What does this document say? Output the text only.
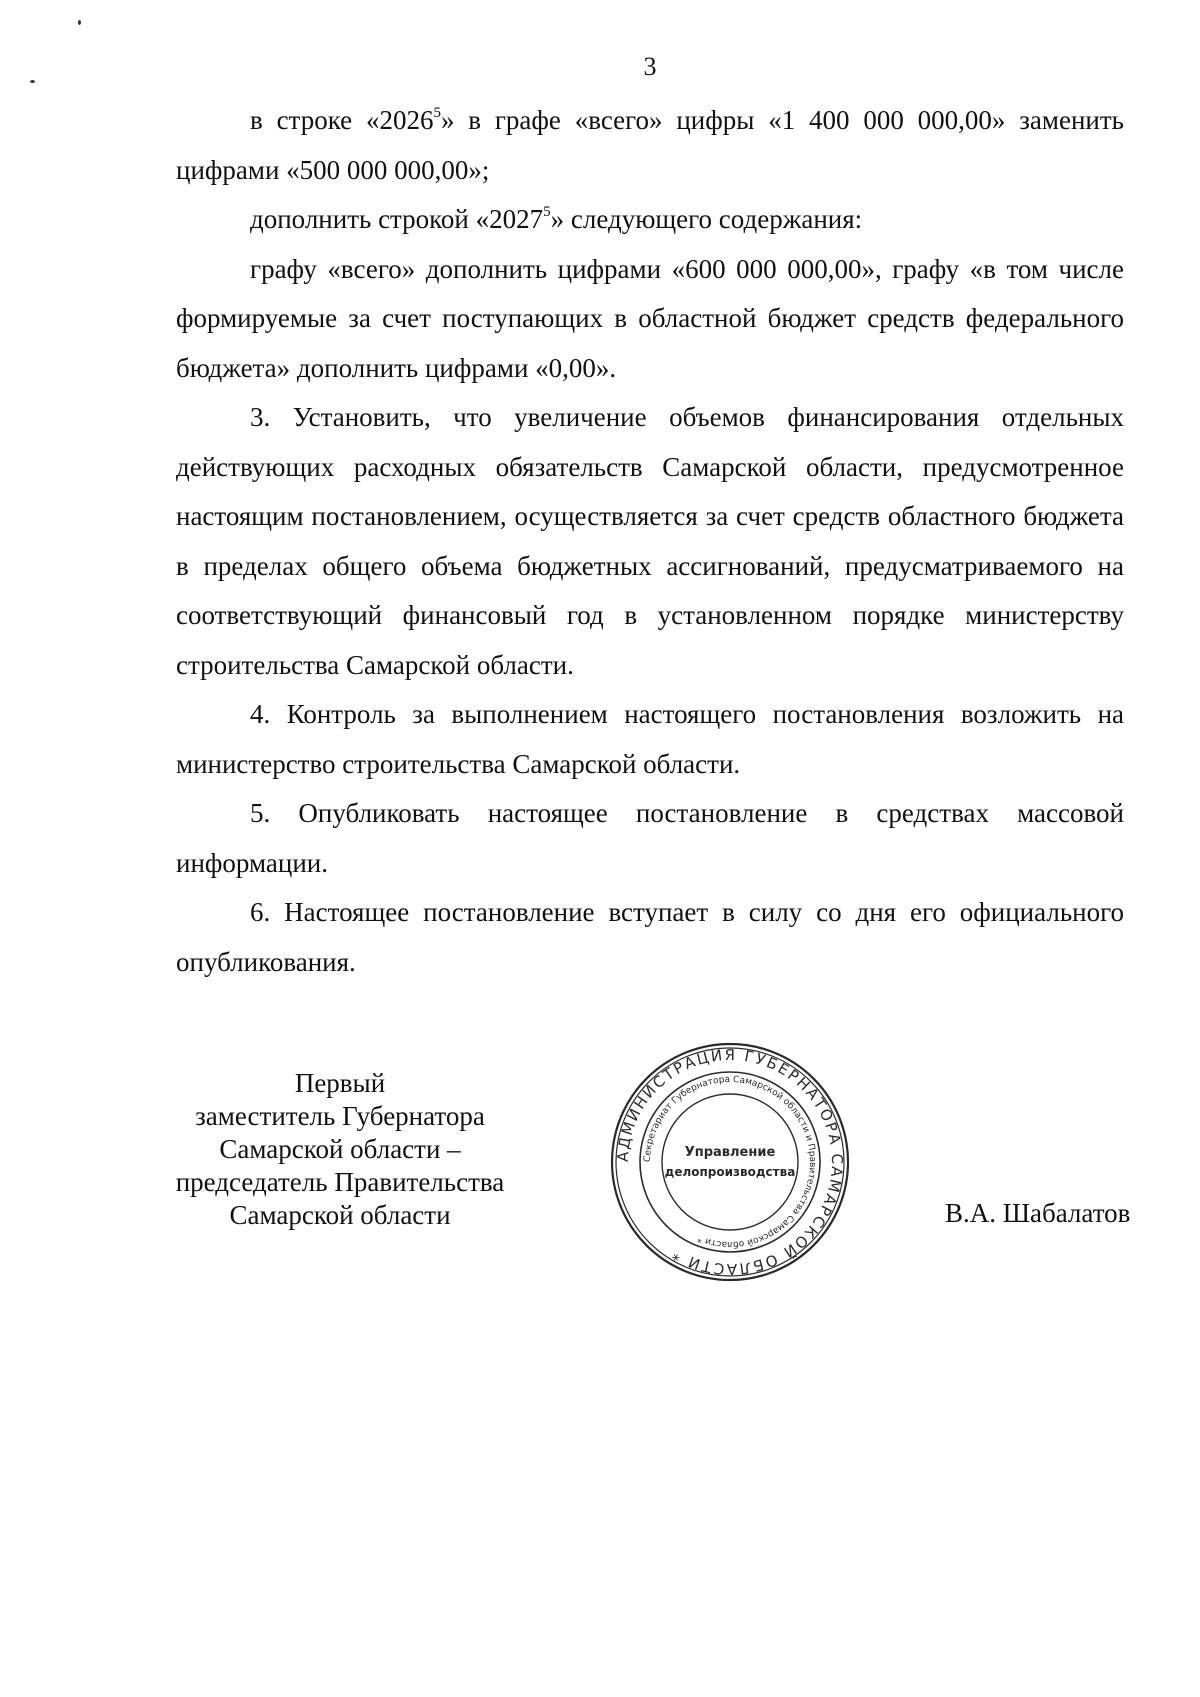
3

в строке «2026$^5$» в графе «всего» цифры «1 400 000 000,00» заменить цифрами «500 000 000,00»;

дополнить строкой «2027$^5$» следующего содержания:

графу «всего» дополнить цифрами «600 000 000,00», графу «в том числе формируемые за счет поступающих в областной бюджет средств федерального бюджета» дополнить цифрами «0,00».

3. Установить, что увеличение объемов финансирования отдельных действующих расходных обязательств Самарской области, предусмотренное настоящим постановлением, осуществляется за счет средств областного бюджета в пределах общего объема бюджетных ассигнований, предусматриваемого на соответствующий финансовый год в установленном порядке министерству строительства Самарской области.

4. Контроль за выполнением настоящего постановления возложить на министерство строительства Самарской области.

5. Опубликовать настоящее постановление в средствах массовой информации.

6. Настоящее постановление вступает в силу со дня его официального опубликования.

Первый
заместитель Губернатора
Самарской области –
председатель Правительства
Самарской области
АДМИНИСТРАЦИЯ ГУБЕРНАТОРА САМАРСКОЙ ОБЛАСТИ *
Секретариат Губернатора Самарской области и Правительства Самарской области *
Управление
делопроизводства
В.А. Шабалатов
